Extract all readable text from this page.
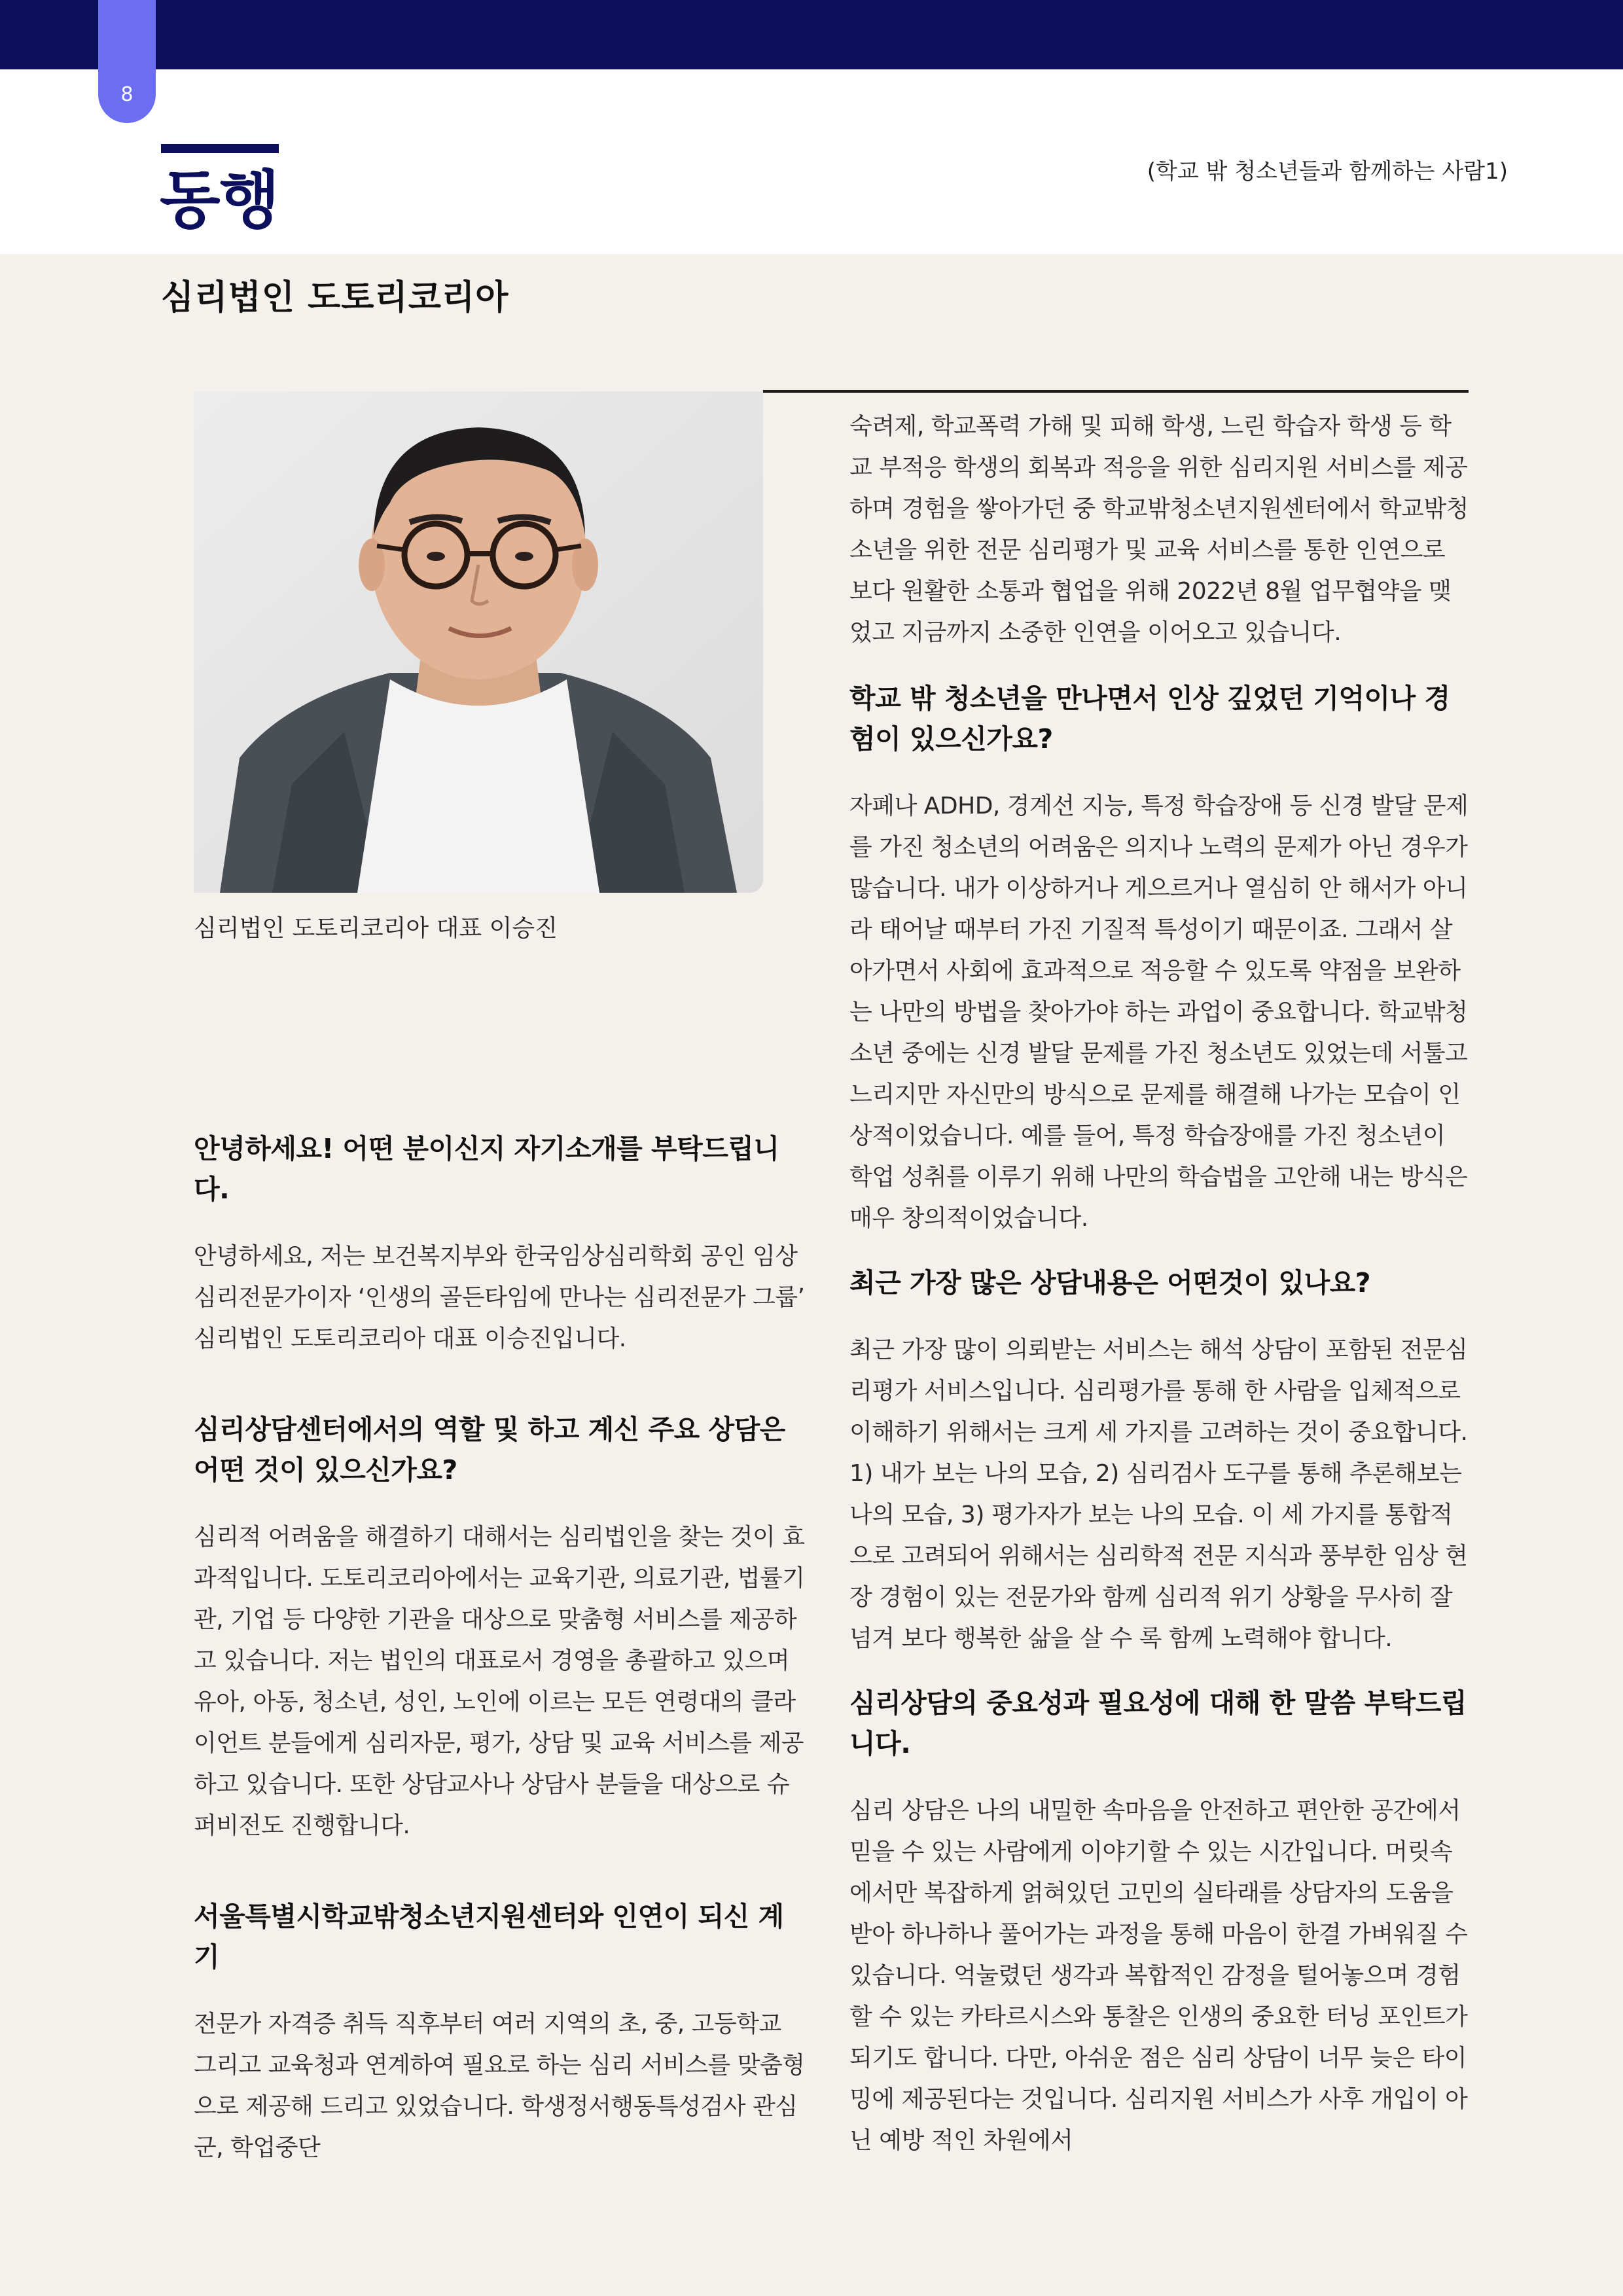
8
동행	(학교 밖 청소년들과 함께하는 사람1)
심리법인 도토리코리아
심리법인 도토리코리아 대표 이승진

안녕하세요! 어떤 분이신지 자기소개를 부탁드립니다.

안녕하세요, 저는 보건복지부와 한국임상심리학회 공인 임상심리전문가이자 ‘인생의 골든타임에 만나는 심리전문가 그룹’ 심리법인 도토리코리아 대표 이승진입니다.

심리상담센터에서의 역할 및 하고 계신 주요 상담은 어떤 것이 있으신가요?

심리적 어려움을 해결하기 대해서는 심리법인을 찾는 것이 효과적입니다. 도토리코리아에서는 교육기관, 의료기관, 법률기관, 기업 등 다양한 기관을 대상으로 맞춤형 서비스를 제공하고 있습니다. 저는 법인의 대표로서 경영을 총괄하고 있으며 유아, 아동, 청소년, 성인, 노인에 이르는 모든 연령대의 클라이언트 분들에게 심리자문, 평가, 상담 및 교육 서비스를 제공하고 있습니다. 또한 상담교사나 상담사 분들을 대상으로 슈퍼비전도 진행합니다.

서울특별시학교밖청소년지원센터와 인연이 되신 계기

전문가 자격증 취득 직후부터 여러 지역의 초, 중, 고등학교 그리고 교육청과 연계하여 필요로 하는 심리 서비스를 맞춤형으로 제공해 드리고 있었습니다. 학생정서행동특성검사 관심군, 학업중단

숙려제, 학교폭력 가해 및 피해 학생, 느린 학습자 학생 등 학교 부적응 학생의 회복과 적응을 위한 심리지원 서비스를 제공하며 경험을 쌓아가던 중 학교밖청소년지원센터에서 학교밖청소년을 위한 전문 심리평가 및 교육 서비스를 통한 인연으로 보다 원활한 소통과 협업을 위해 2022년 8월 업무협약을 맺었고 지금까지 소중한 인연을 이어오고 있습니다.

학교 밖 청소년을 만나면서 인상 깊었던 기억이나 경험이 있으신가요?

자폐나 ADHD, 경계선 지능, 특정 학습장애 등 신경 발달 문제를 가진 청소년의 어려움은 의지나 노력의 문제가 아닌 경우가 많습니다. 내가 이상하거나 게으르거나 열심히 안 해서가 아니라 태어날 때부터 가진 기질적 특성이기 때문이죠. 그래서 살아가면서 사회에 효과적으로 적응할 수 있도록 약점을 보완하는 나만의 방법을 찾아가야 하는 과업이 중요합니다. 학교밖청소년 중에는 신경 발달 문제를 가진 청소년도 있었는데 서툴고 느리지만 자신만의 방식으로 문제를 해결해 나가는 모습이 인상적이었습니다. 예를 들어, 특정 학습장애를 가진 청소년이 학업 성취를 이루기 위해 나만의 학습법을 고안해 내는 방식은 매우 창의적이었습니다.

최근 가장 많은 상담내용은 어떤것이 있나요?

최근 가장 많이 의뢰받는 서비스는 해석 상담이 포함된 전문심리평가 서비스입니다. 심리평가를 통해 한 사람을 입체적으로 이해하기 위해서는 크게 세 가지를 고려하는 것이 중요합니다. 1) 내가 보는 나의 모습, 2) 심리검사 도구를 통해 추론해보는 나의 모습, 3) 평가자가 보는 나의 모습. 이 세 가지를 통합적으로 고려되어 위해서는 심리학적 전문 지식과 풍부한 임상 현장 경험이 있는 전문가와 함께 심리적 위기 상황을 무사히 잘 넘겨 보다 행복한 삶을 살 수 록 함께 노력해야 합니다.

심리상담의 중요성과 필요성에 대해 한 말씀 부탁드립니다.

심리 상담은 나의 내밀한 속마음을 안전하고 편안한 공간에서 믿을 수 있는 사람에게 이야기할 수 있는 시간입니다. 머릿속에서만 복잡하게 얽혀있던 고민의 실타래를 상담자의 도움을 받아 하나하나 풀어가는 과정을 통해 마음이 한결 가벼워질 수 있습니다. 억눌렸던 생각과 복합적인 감정을 털어놓으며 경험할 수 있는 카타르시스와 통찰은 인생의 중요한 터닝 포인트가 되기도 합니다. 다만, 아쉬운 점은 심리 상담이 너무 늦은 타이밍에 제공된다는 것입니다. 심리지원 서비스가 사후 개입이 아닌 예방 적인 차원에서
